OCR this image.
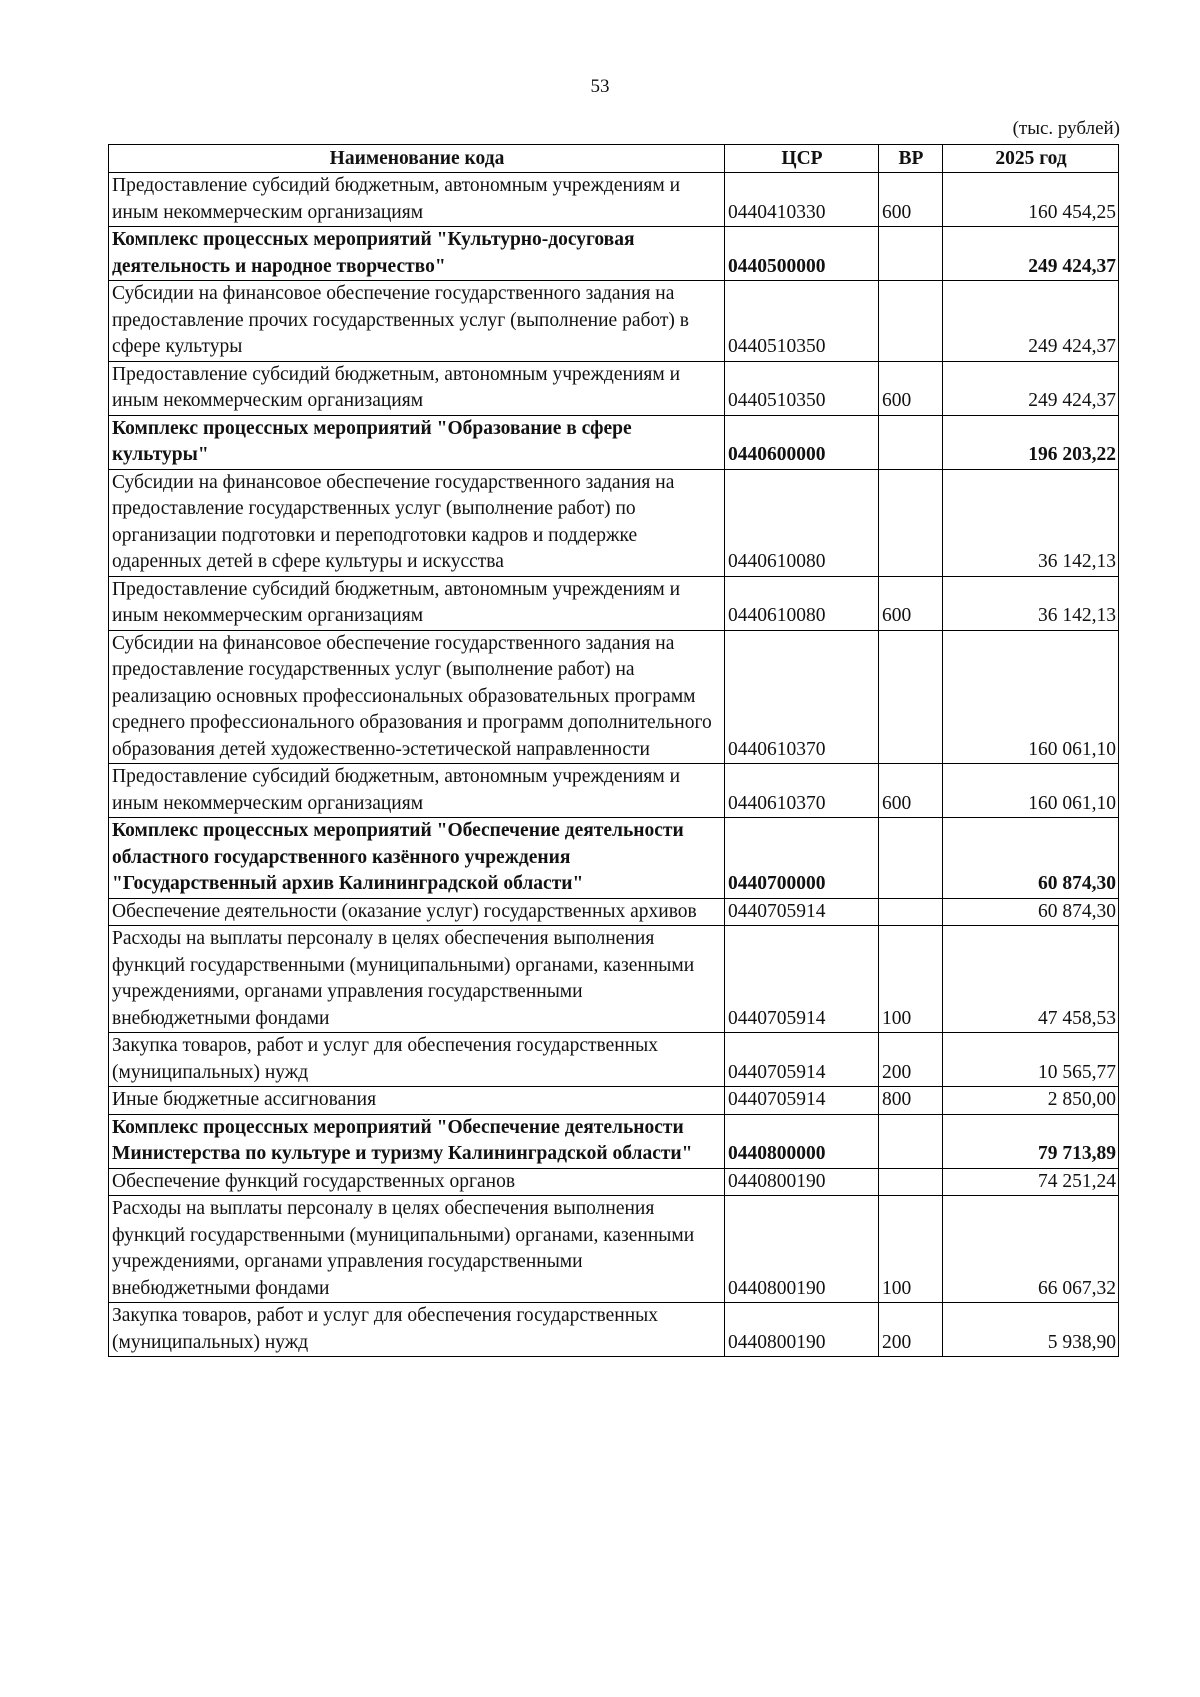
53
(тыс. рублей)
Наименование кода	ЦСР	ВР	2025 год
Предоставление субсидий бюджетным, автономным учреждениям и иным некоммерческим организациям	0440410330	600	160 454,25
Комплекс процессных мероприятий "Культурно-досуговая деятельность и народное творчество"	0440500000		249 424,37
Субсидии на финансовое обеспечение государственного задания на предоставление прочих государственных услуг (выполнение работ) в сфере культуры	0440510350		249 424,37
Предоставление субсидий бюджетным, автономным учреждениям и иным некоммерческим организациям	0440510350	600	249 424,37
Комплекс процессных мероприятий "Образование в сфере культуры"	0440600000		196 203,22
Субсидии на финансовое обеспечение государственного задания на предоставление государственных услуг (выполнение работ) по организации подготовки и переподготовки кадров и поддержке одаренных детей в сфере культуры и искусства	0440610080		36 142,13
Предоставление субсидий бюджетным, автономным учреждениям и иным некоммерческим организациям	0440610080	600	36 142,13
Субсидии на финансовое обеспечение государственного задания на предоставление государственных услуг (выполнение работ) на реализацию основных профессиональных образовательных программ среднего профессионального образования и программ дополнительного образования детей художественно-эстетической направленности	0440610370		160 061,10
Предоставление субсидий бюджетным, автономным учреждениям и иным некоммерческим организациям	0440610370	600	160 061,10
Комплекс процессных мероприятий "Обеспечение деятельности областного государственного казённого учреждения "Государственный архив Калининградской области"	0440700000		60 874,30
Обеспечение деятельности (оказание услуг) государственных архивов	0440705914		60 874,30
Расходы на выплаты персоналу в целях обеспечения выполнения функций государственными (муниципальными) органами, казенными учреждениями, органами управления государственными внебюджетными фондами	0440705914	100	47 458,53
Закупка товаров, работ и услуг для обеспечения государственных (муниципальных) нужд	0440705914	200	10 565,77
Иные бюджетные ассигнования	0440705914	800	2 850,00
Комплекс процессных мероприятий "Обеспечение деятельности Министерства по культуре и туризму Калининградской области"	0440800000		79 713,89
Обеспечение функций государственных органов	0440800190		74 251,24
Расходы на выплаты персоналу в целях обеспечения выполнения функций государственными (муниципальными) органами, казенными учреждениями, органами управления государственными внебюджетными фондами	0440800190	100	66 067,32
Закупка товаров, работ и услуг для обеспечения государственных (муниципальных) нужд	0440800190	200	5 938,90
